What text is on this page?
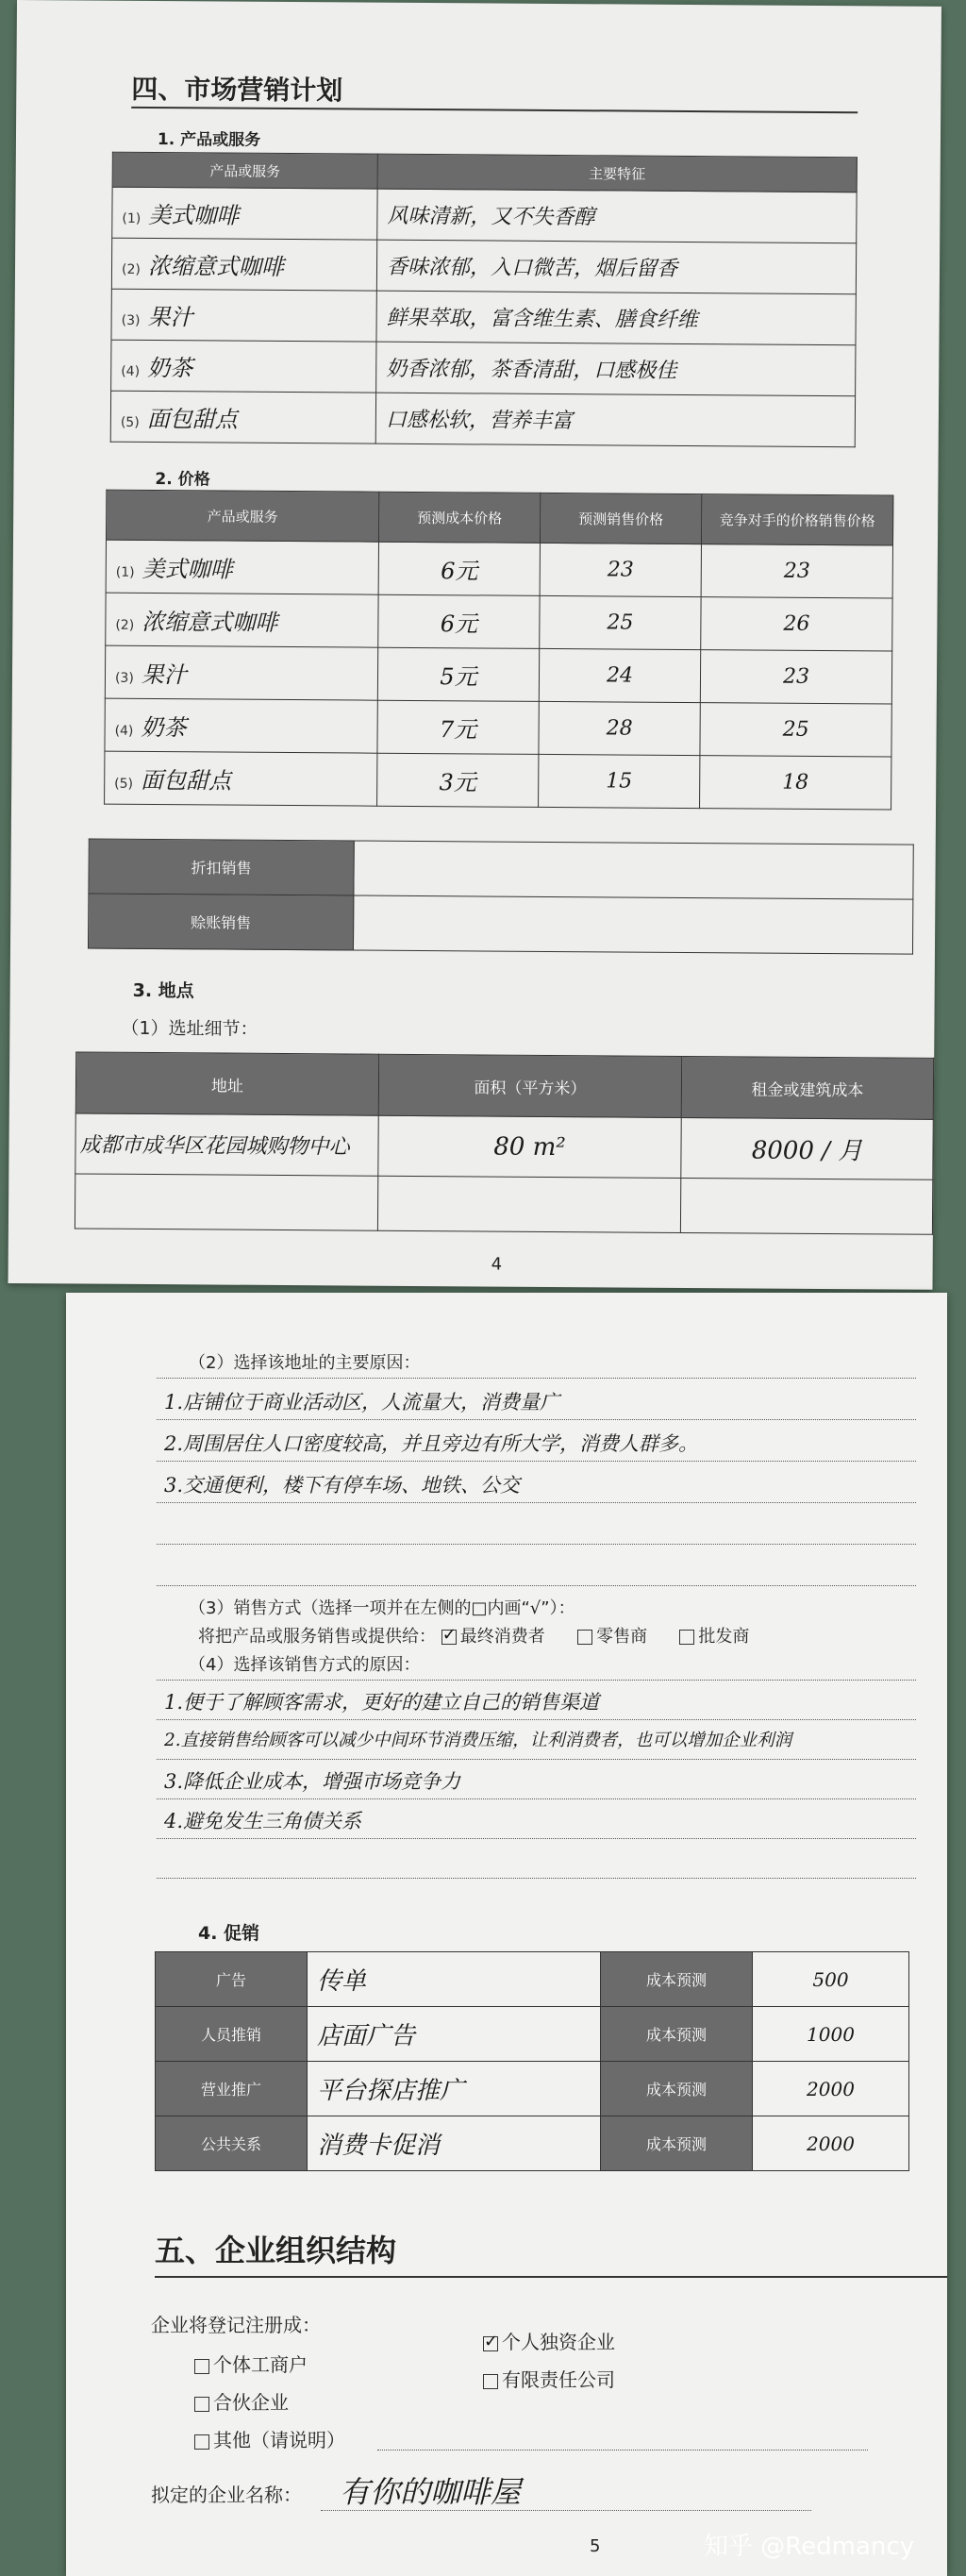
四、市场营销计划
1. 产品或服务
产品或服务	主要特征
(1) 美式咖啡	风味清新，又不失香醇
(2) 浓缩意式咖啡	香味浓郁，入口微苦，烟后留香
(3) 果汁	鲜果萃取，富含维生素、膳食纤维
(4) 奶茶	奶香浓郁，茶香清甜，口感极佳
(5) 面包甜点	口感松软，营养丰富
2. 价格
产品或服务	预测成本价格	预测销售价格	竞争对手的价格销售价格
(1) 美式咖啡	6元	23	23
(2) 浓缩意式咖啡	6元	25	26
(3) 果汁	5元	24	23
(4) 奶茶	7元	28	25
(5) 面包甜点	3元	15	18
折扣销售	
赊账销售	
3. 地点
（1）选址细节：
地址	面积（平方米）	租金或建筑成本
成都市成华区花园城购物中心	80 m²	8000 / 月

4
（2）选择该地址的主要原因：
1.店铺位于商业活动区，人流量大，消费量广
2.周围居住人口密度较高，并且旁边有所大学，消费人群多。
3.交通便利，楼下有停车场、地铁、公交
（3）销售方式（选择一项并在左侧的□内画“√”）：
将把产品或服务销售或提供给： ✓ 最终消费者	零售商	批发商
（4）选择该销售方式的原因：
1.便于了解顾客需求，更好的建立自己的销售渠道
2.直接销售给顾客可以减少中间环节消费压缩，让利消费者，也可以增加企业利润
3.降低企业成本，增强市场竞争力
4.避免发生三角债关系
4. 促销
广告	传单	成本预测	500
人员推销	店面广告	成本预测	1000
营业推广	平台探店推广	成本预测	2000
公共关系	消费卡促消	成本预测	2000
五、企业组织结构
企业将登记注册成：
个体工商户
✓个人独资企业
合伙企业
有限责任公司
其他（请说明）
拟定的企业名称： 有你的咖啡屋
5	知乎 @Redmancy
